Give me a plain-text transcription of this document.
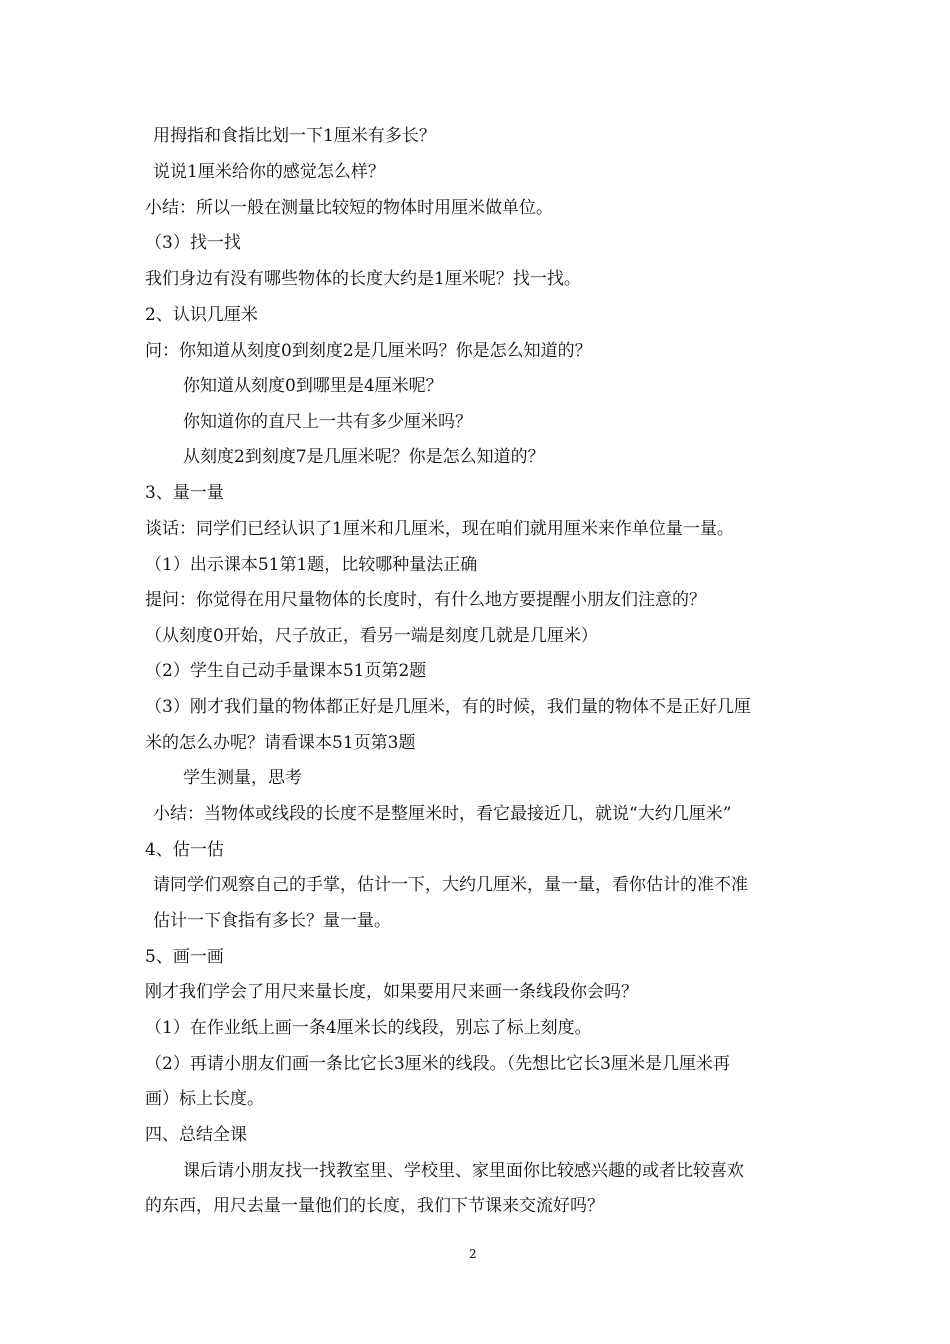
用拇指和食指比划一下1厘米有多长？
说说1厘米给你的感觉怎么样？
小结：所以一般在测量比较短的物体时用厘米做单位。
（3）找一找
我们身边有没有哪些物体的长度大约是1厘米呢？找一找。
2、认识几厘米
问：你知道从刻度0到刻度2是几厘米吗？你是怎么知道的？
你知道从刻度0到哪里是4厘米呢？
你知道你的直尺上一共有多少厘米吗？
从刻度2到刻度7是几厘米呢？你是怎么知道的？
3、量一量
谈话：同学们已经认识了1厘米和几厘米，现在咱们就用厘米来作单位量一量。
（1）出示课本51第1题，比较哪种量法正确
提问：你觉得在用尺量物体的长度时，有什么地方要提醒小朋友们注意的？
（从刻度0开始，尺子放正，看另一端是刻度几就是几厘米）
（2）学生自己动手量课本51页第2题
（3）刚才我们量的物体都正好是几厘米，有的时候，我们量的物体不是正好几厘
米的怎么办呢？请看课本51页第3题
学生测量，思考
小结：当物体或线段的长度不是整厘米时，看它最接近几，就说“大约几厘米”
4、估一估
请同学们观察自己的手掌，估计一下，大约几厘米，量一量，看你估计的准不准
估计一下食指有多长？量一量。
5、画一画
刚才我们学会了用尺来量长度，如果要用尺来画一条线段你会吗？
（1）在作业纸上画一条4厘米长的线段，别忘了标上刻度。
（2）再请小朋友们画一条比它长3厘米的线段。（先想比它长3厘米是几厘米再
画）标上长度。
四、总结全课
课后请小朋友找一找教室里、学校里、家里面你比较感兴趣的或者比较喜欢
的东西，用尺去量一量他们的长度，我们下节课来交流好吗？
2
